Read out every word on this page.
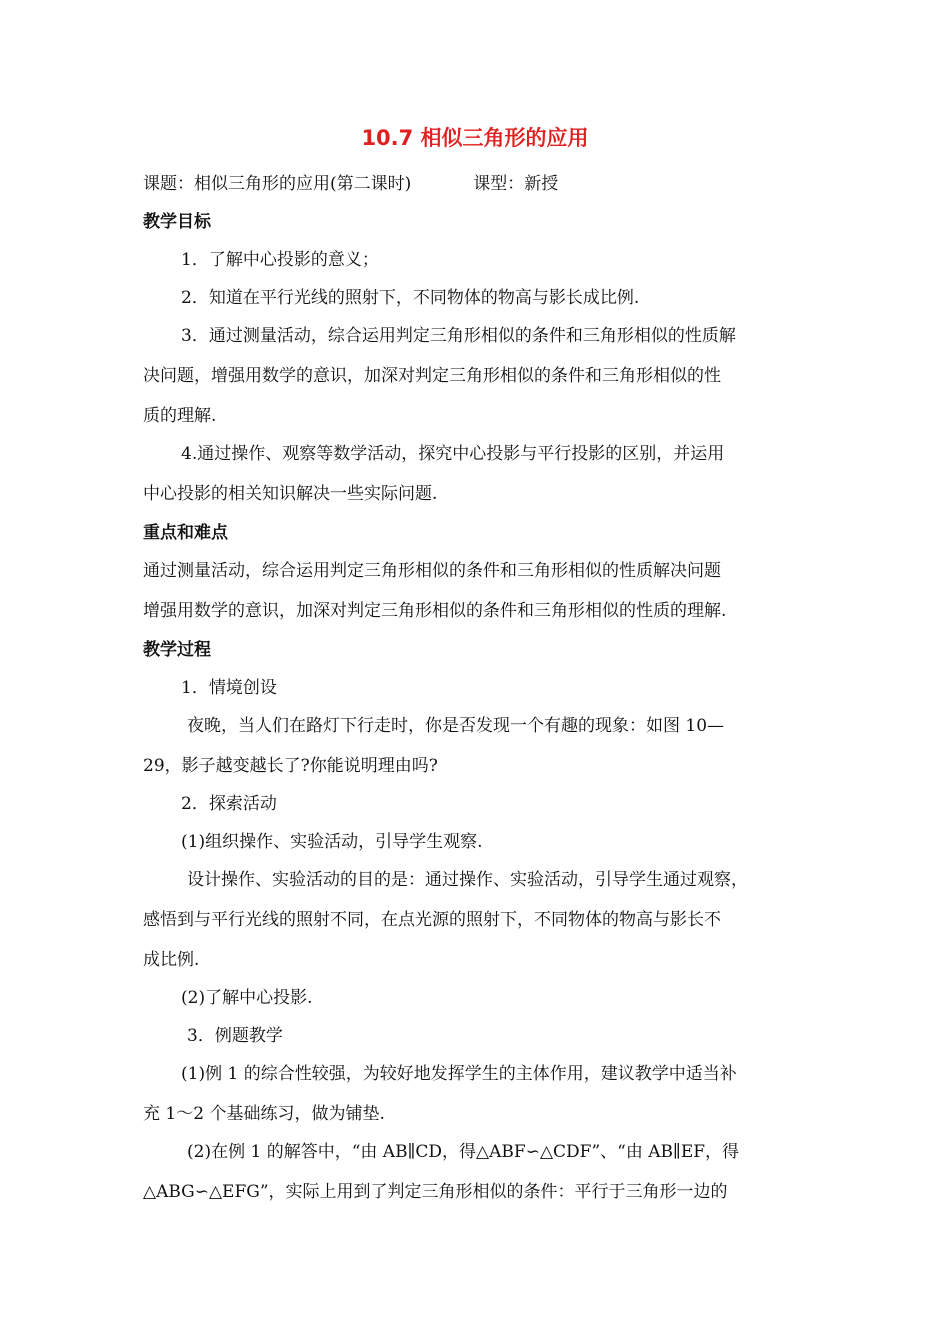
10.7 相似三角形的应用
课题：相似三角形的应用(第二课时)	课型：新授
教学目标
1．了解中心投影的意义；
2．知道在平行光线的照射下，不同物体的物高与影长成比例.
3．通过测量活动，综合运用判定三角形相似的条件和三角形相似的性质解
决问题，增强用数学的意识，加深对判定三角形相似的条件和三角形相似的性
质的理解.
4.通过操作、观察等数学活动，探究中心投影与平行投影的区别，并运用
中心投影的相关知识解决一些实际问题.
重点和难点
通过测量活动，综合运用判定三角形相似的条件和三角形相似的性质解决问题
增强用数学的意识，加深对判定三角形相似的条件和三角形相似的性质的理解.
教学过程
1．情境创设
夜晚，当人们在路灯下行走时，你是否发现一个有趣的现象：如图 10—
29，影子越变越长了?你能说明理由吗?
2．探索活动
(1)组织操作、实验活动，引导学生观察.
设计操作、实验活动的目的是：通过操作、实验活动，引导学生通过观察，
感悟到与平行光线的照射不同，在点光源的照射下，不同物体的物高与影长不
成比例.
(2)了解中心投影.
3．例题教学
(1)例 1 的综合性较强，为较好地发挥学生的主体作用，建议教学中适当补
充 1～2 个基础练习，做为铺垫.
(2)在例 1 的解答中，“由 AB∥CD，得△ABF∽△CDF”、“由 AB∥EF，得
△ABG∽△EFG”，实际上用到了判定三角形相似的条件：平行于三角形一边的
